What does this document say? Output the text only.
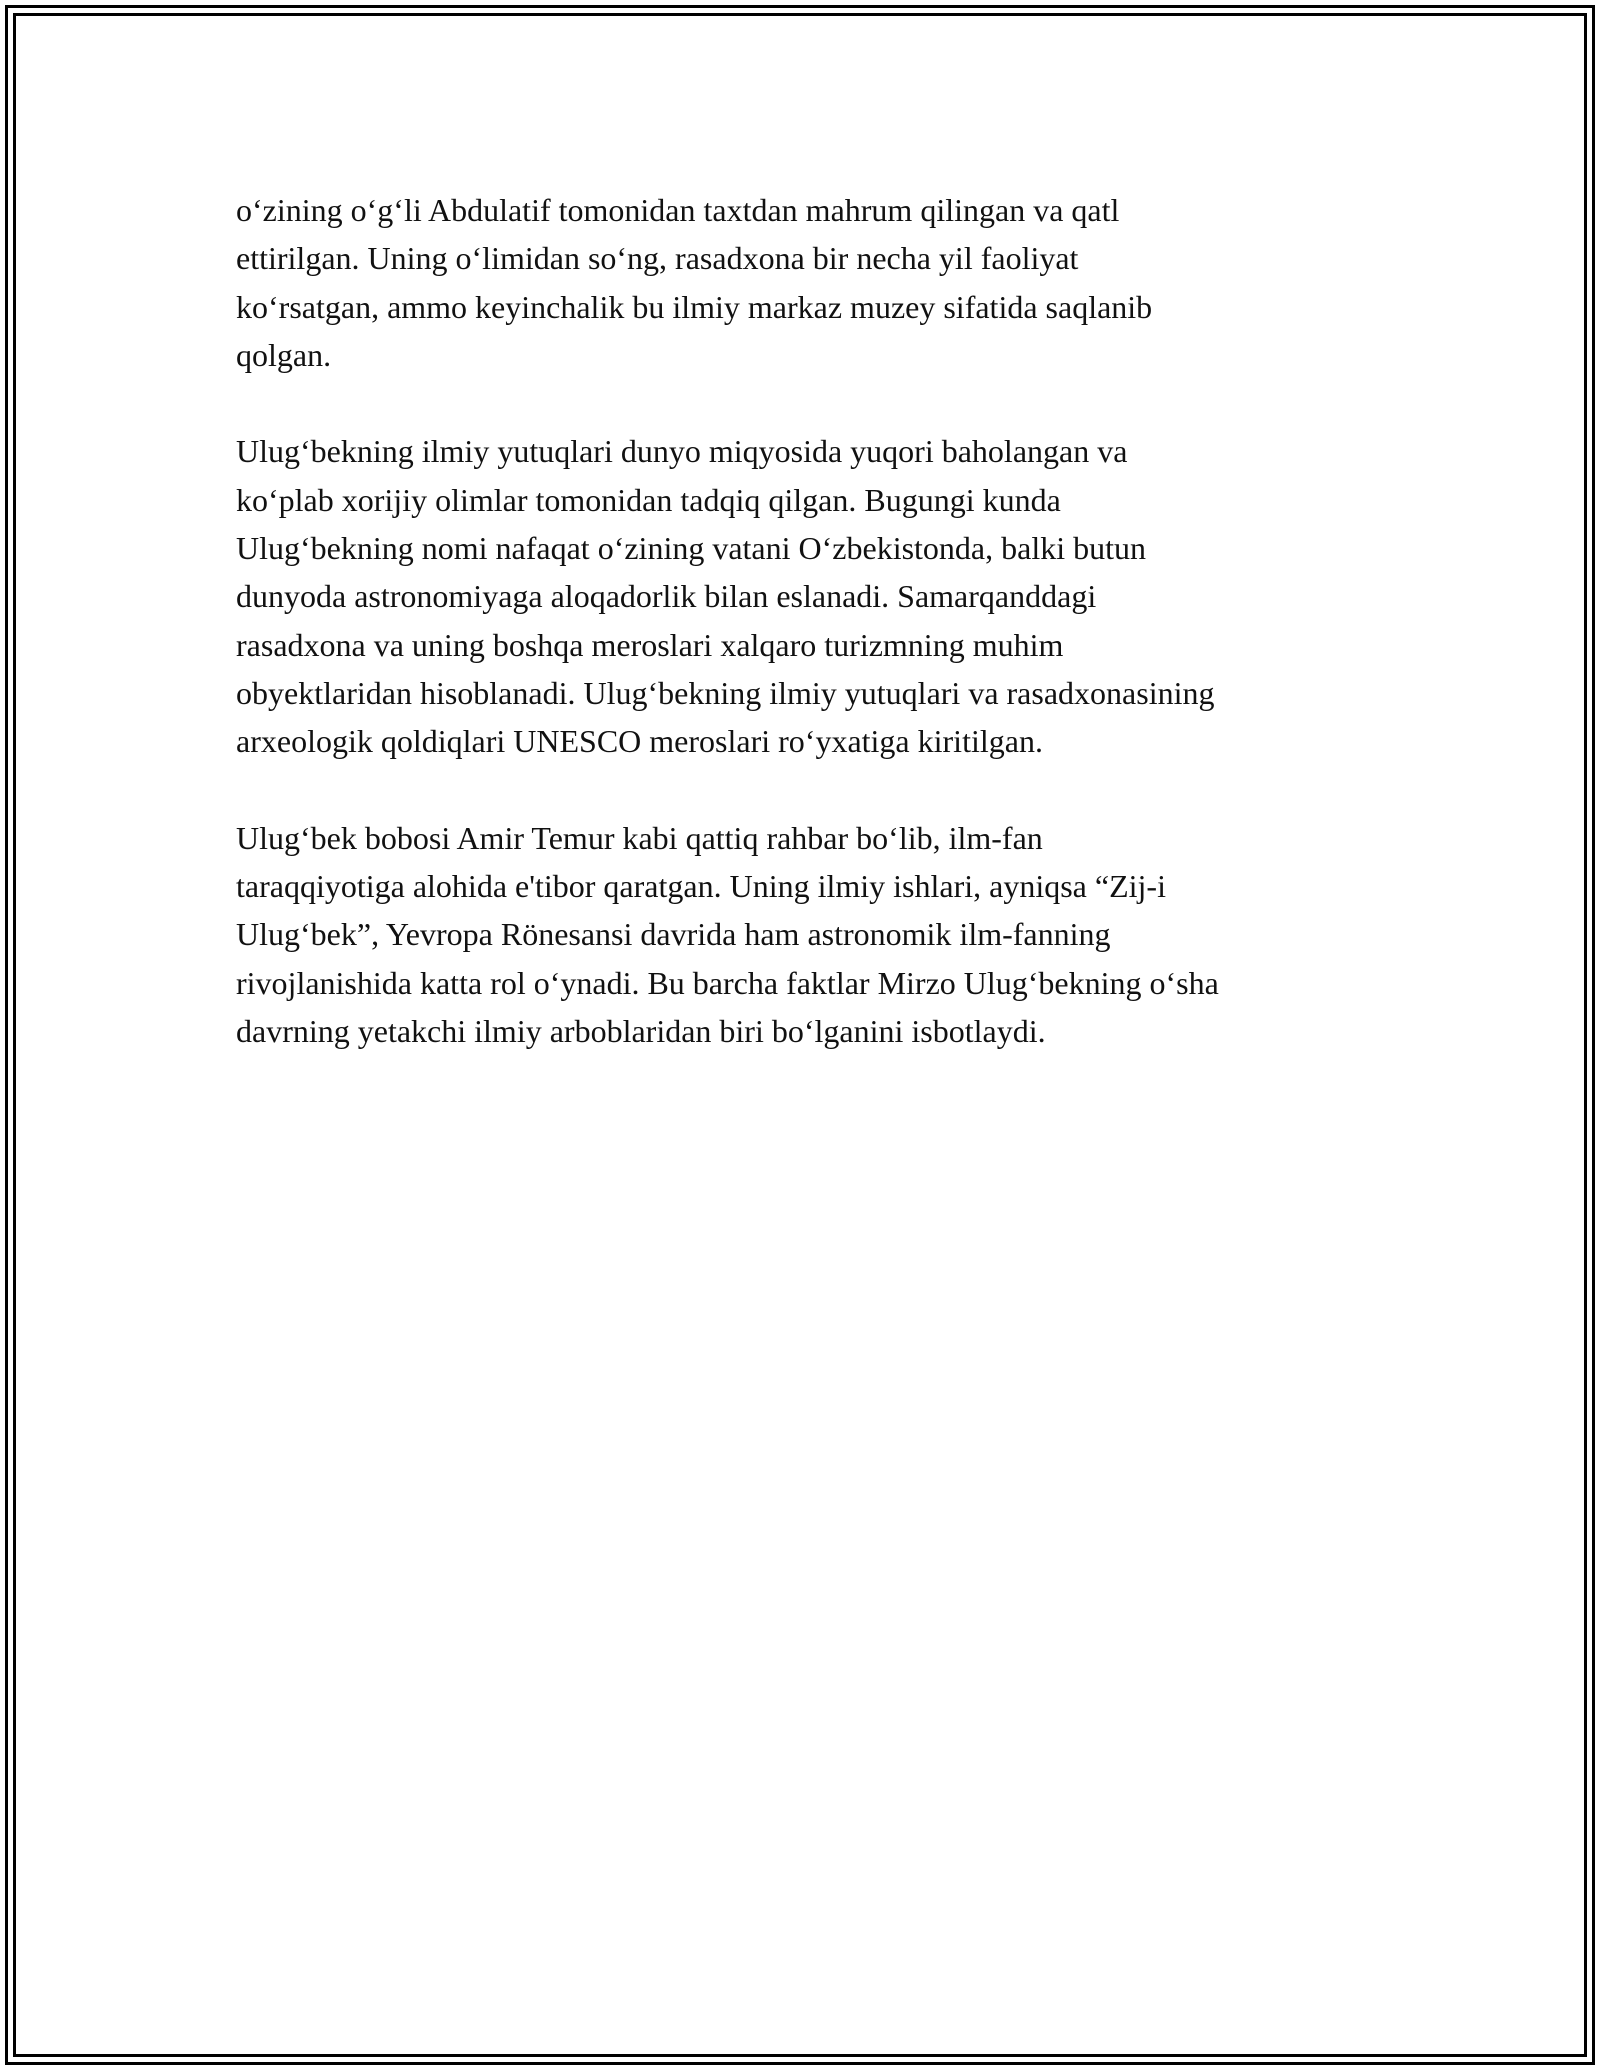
o‘zining o‘g‘li Abdulatif tomonidan taxtdan mahrum qilingan va qatl
ettirilgan. Uning o‘limidan so‘ng, rasadxona bir necha yil faoliyat
ko‘rsatgan, ammo keyinchalik bu ilmiy markaz muzey sifatida saqlanib
qolgan.

Ulug‘bekning ilmiy yutuqlari dunyo miqyosida yuqori baholangan va
ko‘plab xorijiy olimlar tomonidan tadqiq qilgan. Bugungi kunda
Ulug‘bekning nomi nafaqat o‘zining vatani O‘zbekistonda, balki butun
dunyoda astronomiyaga aloqadorlik bilan eslanadi. Samarqanddagi
rasadxona va uning boshqa meroslari xalqaro turizmning muhim
obyektlaridan hisoblanadi. Ulug‘bekning ilmiy yutuqlari va rasadxonasining
arxeologik qoldiqlari UNESCO meroslari ro‘yxatiga kiritilgan.

Ulug‘bek bobosi Amir Temur kabi qattiq rahbar bo‘lib, ilm-fan
taraqqiyotiga alohida e'tibor qaratgan. Uning ilmiy ishlari, ayniqsa “Zij-i
Ulug‘bek”, Yevropa Rönesansi davrida ham astronomik ilm-fanning
rivojlanishida katta rol o‘ynadi. Bu barcha faktlar Mirzo Ulug‘bekning o‘sha
davrning yetakchi ilmiy arboblaridan biri bo‘lganini isbotlaydi.
